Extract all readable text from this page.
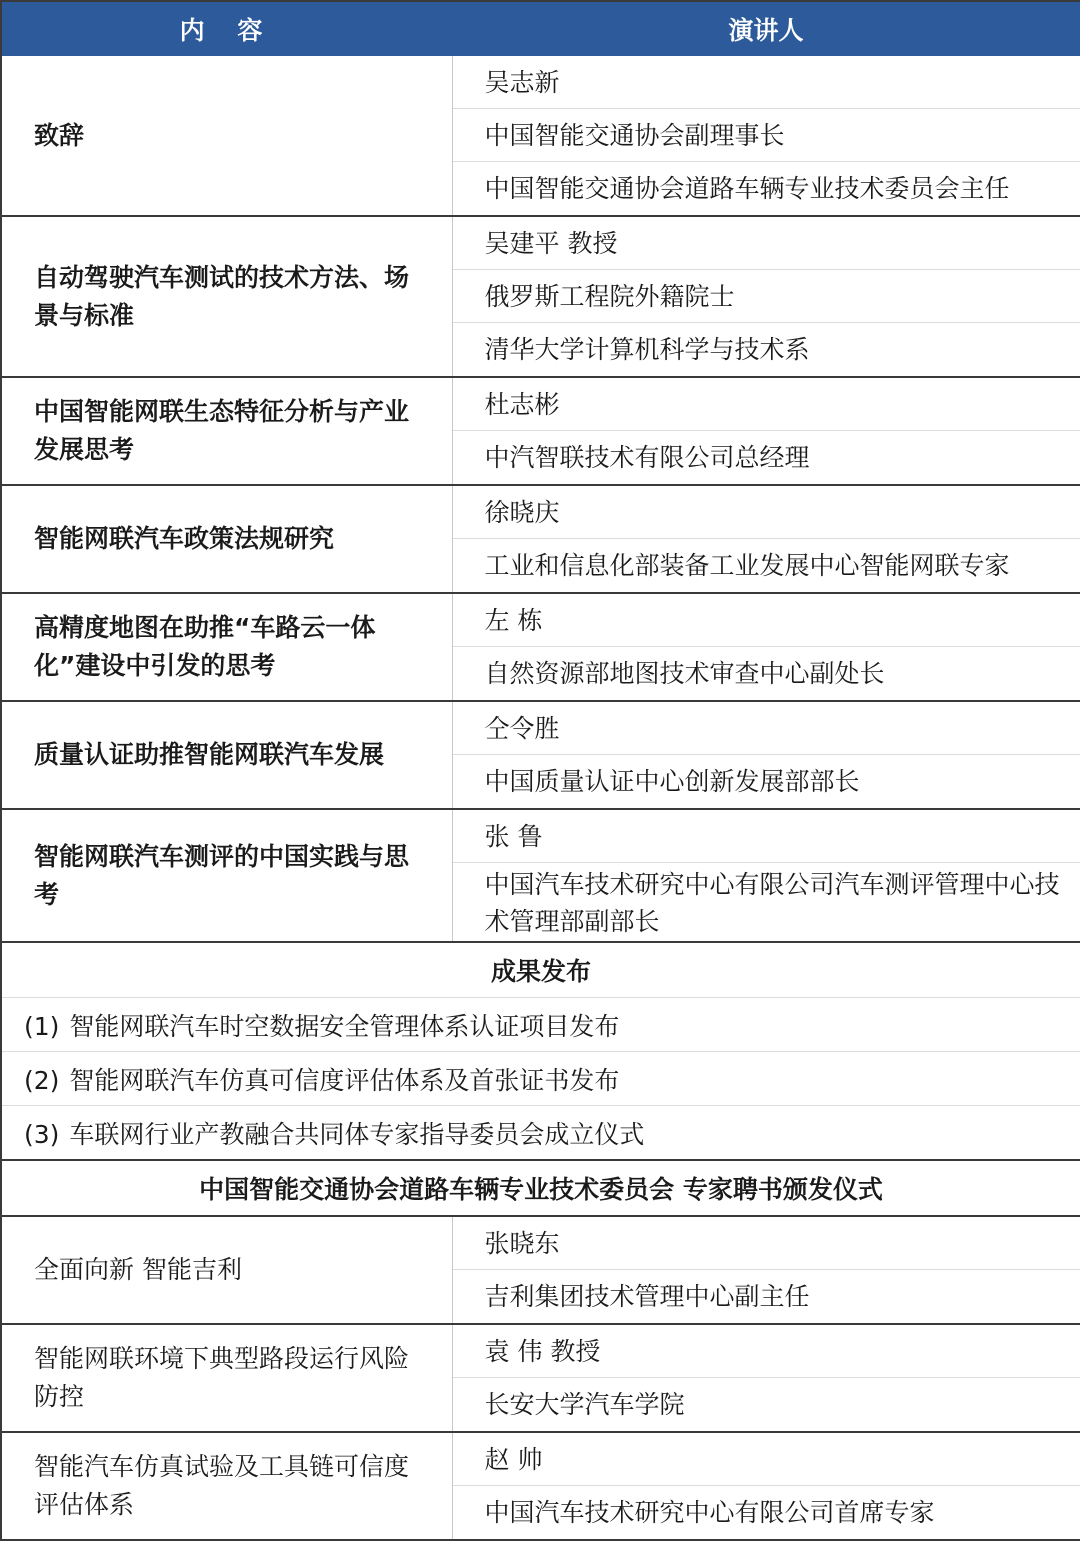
内 容	演讲人
致辞	吴志新
中国智能交通协会副理事长
中国智能交通协会道路车辆专业技术委员会主任

自动驾驶汽车测试的技术方法、场景与标准	吴建平 教授
俄罗斯工程院外籍院士
清华大学计算机科学与技术系

中国智能网联生态特征分析与产业发展思考	杜志彬
中汽智联技术有限公司总经理

智能网联汽车政策法规研究	徐晓庆
工业和信息化部装备工业发展中心智能网联专家

高精度地图在助推“车路云一体化”建设中引发的思考	左 栋
自然资源部地图技术审查中心副处长

质量认证助推智能网联汽车发展	仝令胜
中国质量认证中心创新发展部部长

智能网联汽车测评的中国实践与思考	张 鲁
中国汽车技术研究中心有限公司汽车测评管理中心技术管理部副部长

成果发布	
(1) 智能网联汽车时空数据安全管理体系认证项目发布	
(2) 智能网联汽车仿真可信度评估体系及首张证书发布	
(3) 车联网行业产教融合共同体专家指导委员会成立仪式	
中国智能交通协会道路车辆专业技术委员会 专家聘书颁发仪式	
全面向新 智能吉利	张晓东
吉利集团技术管理中心副主任

智能网联环境下典型路段运行风险防控	袁 伟 教授
长安大学汽车学院

智能汽车仿真试验及工具链可信度评估体系	赵 帅
中国汽车技术研究中心有限公司首席专家
